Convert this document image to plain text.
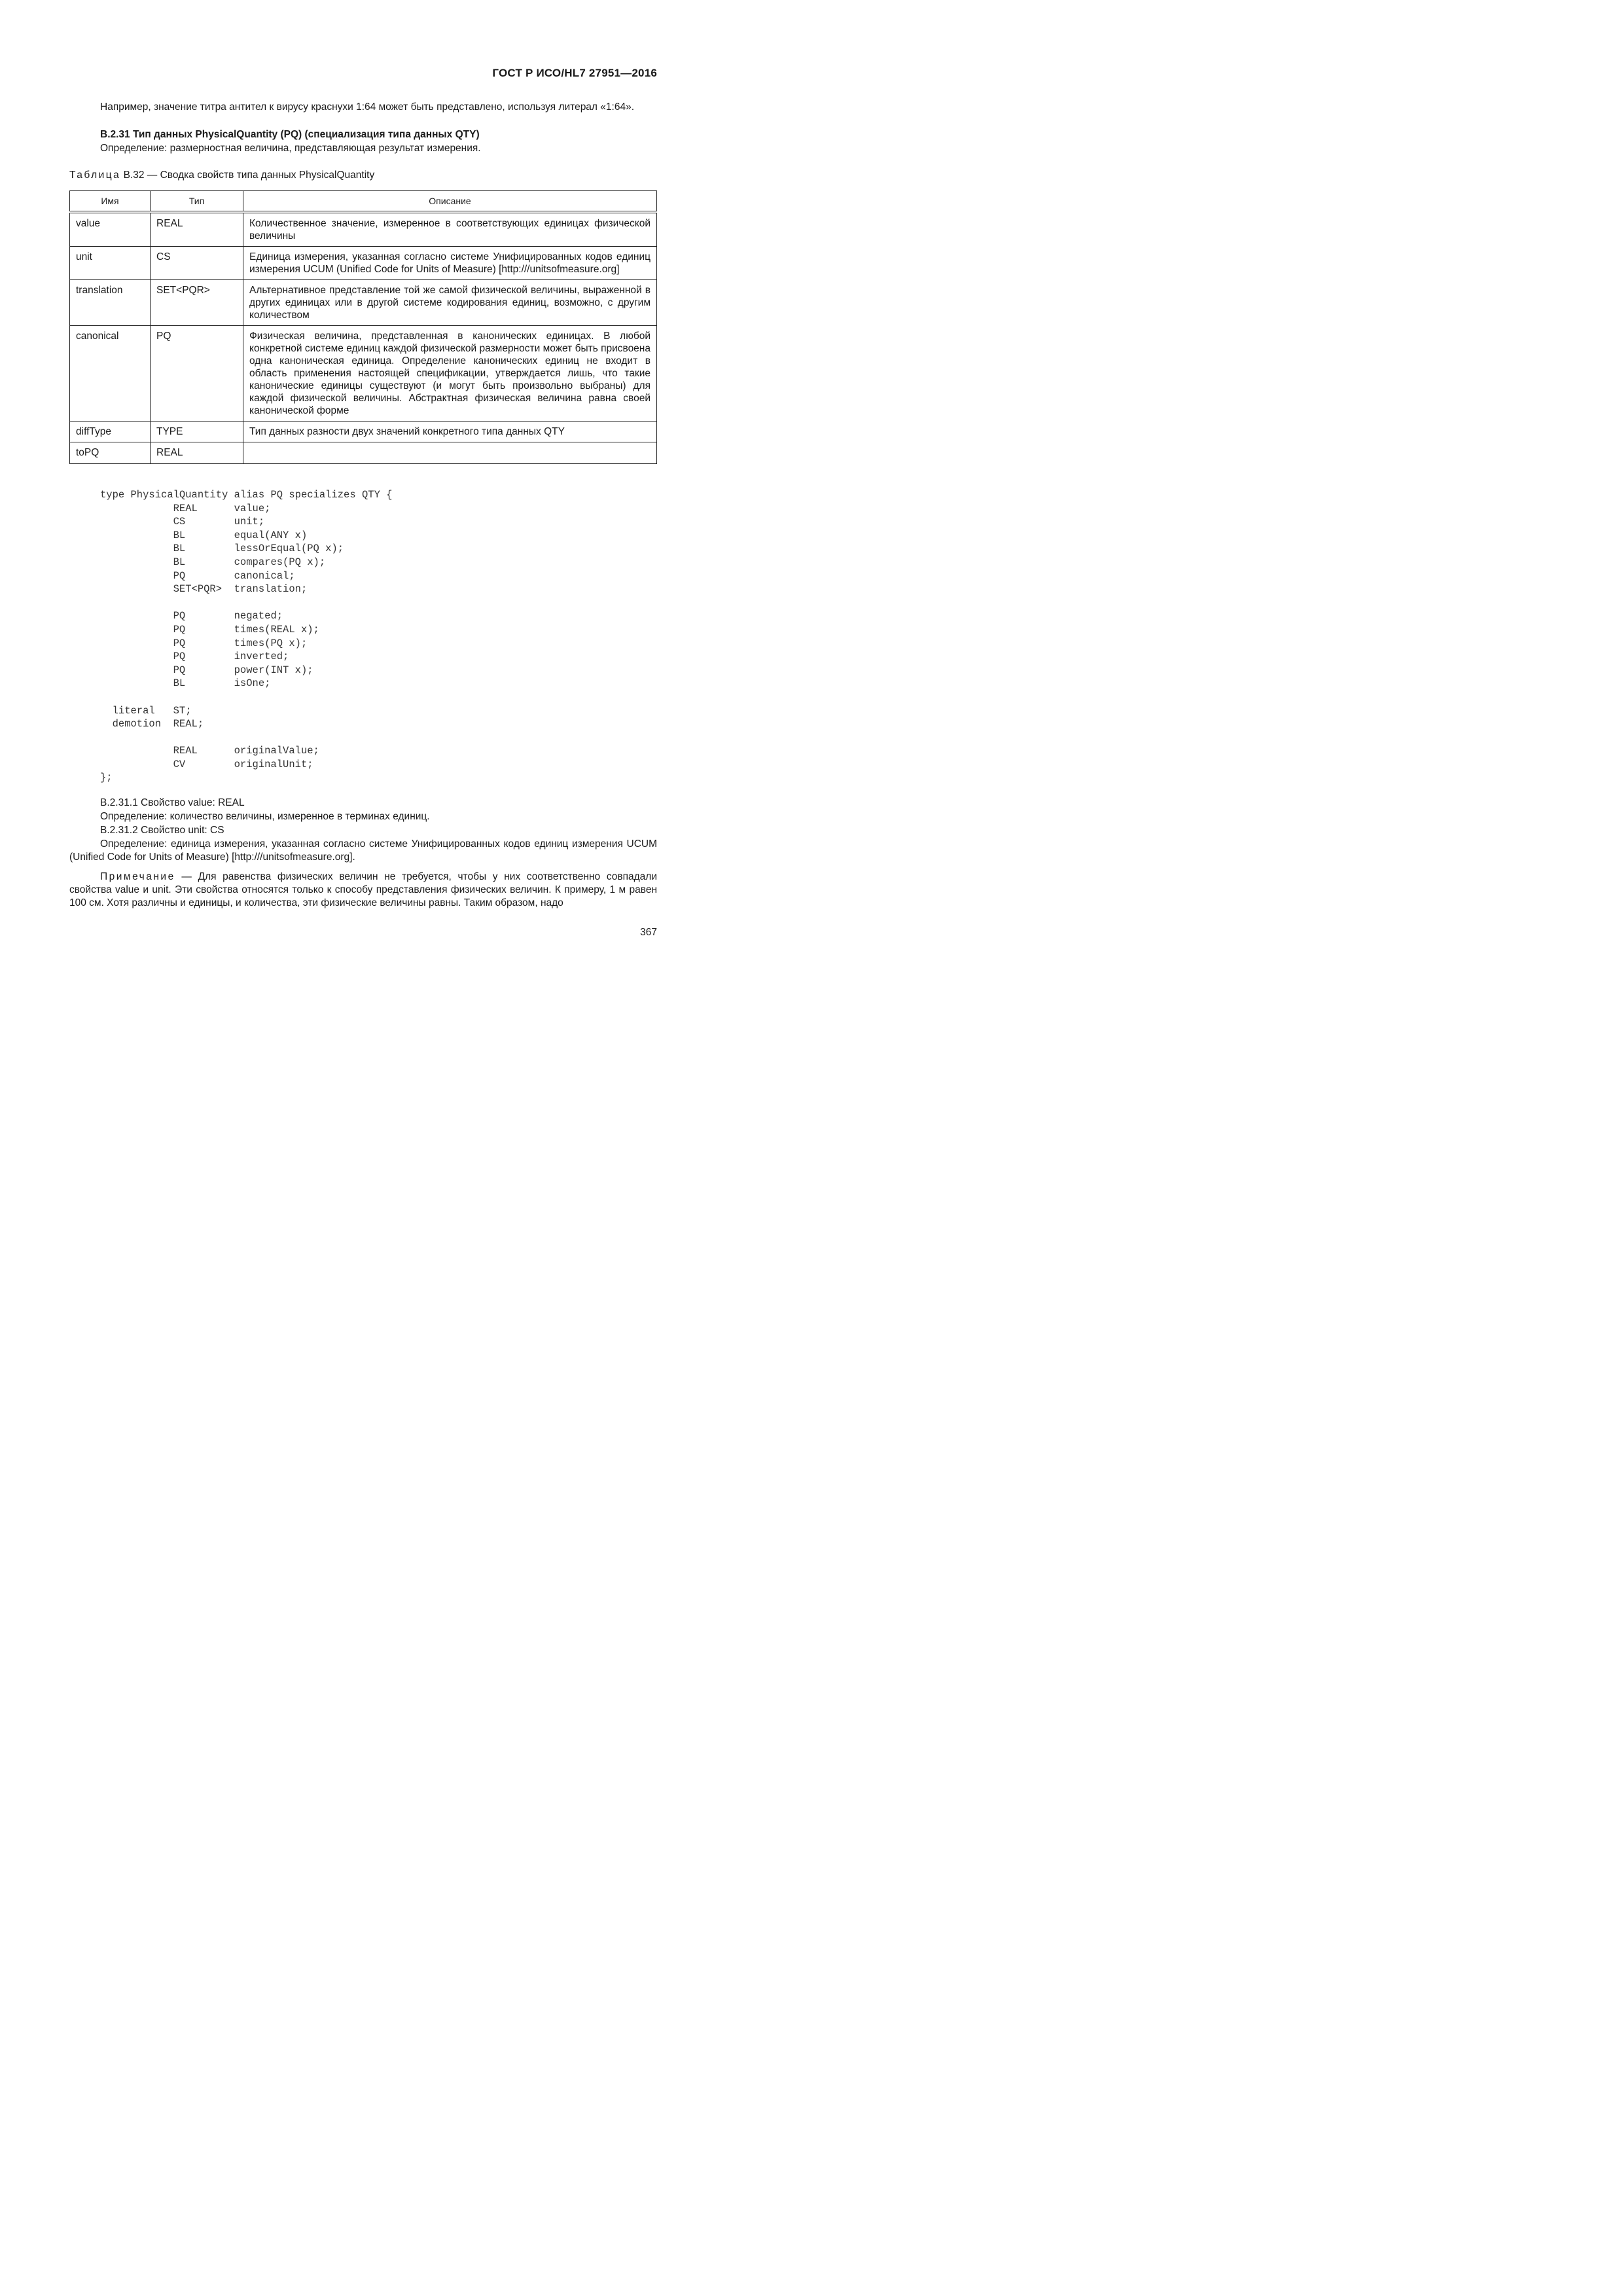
ГОСТ Р ИСО/HL7 27951—2016
Например, значение титра антител к вирусу краснухи 1:64 может быть представлено, используя литерал «1:64».
B.2.31 Тип данных PhysicalQuantity (PQ) (специализация типа данных QTY)
Определение: размерностная величина, представляющая результат измерения.
Таблица B.32 — Сводка свойств типа данных PhysicalQuantity
Имя	Тип	Описание
value	REAL	Количественное значение, измеренное в соответствующих единицах физической величины
unit	CS	Единица измерения, указанная согласно системе Унифицированных кодов единиц измерения UCUM (Unified Code for Units of Measure) [http:///unitsofmeasure.org]
translation	SET<PQR>	Альтернативное представление той же самой физической величины, выраженной в других единицах или в другой системе кодирования единиц, возможно, с другим количеством
canonical	PQ	Физическая величина, представленная в канонических единицах. В любой конкретной системе единиц каждой физической размерности может быть присвоена одна каноническая единица. Определение канонических единиц не входит в область применения настоящей спецификации, утверждается лишь, что такие канонические единицы существуют (и могут быть произвольно выбраны) для каждой физической величины. Абстрактная физическая величина равна своей канонической форме
diffType	TYPE	Тип данных разности двух значений конкретного типа данных QTY
toPQ	REAL	
type PhysicalQuantity alias PQ specializes QTY {
REAL      value;
CS        unit;
BL        equal(ANY x)
BL        lessOrEqual(PQ x);
BL        compares(PQ x);
PQ        canonical;
SET<PQR>  translation;
PQ        negated;
PQ        times(REAL x);
PQ        times(PQ x);
PQ        inverted;
PQ        power(INT x);
BL        isOne;
literal   ST;
demotion  REAL;
REAL      originalValue;
CV        originalUnit;
};
B.2.31.1 Свойство value: REAL
Определение: количество величины, измеренное в терминах единиц.
B.2.31.2 Свойство unit: CS
Определение: единица измерения, указанная согласно системе Унифицированных кодов единиц измерения UCUM (Unified Code for Units of Measure) [http:///unitsofmeasure.org].
Примечание — Для равенства физических величин не требуется, чтобы у них соответственно совпадали свойства value и unit. Эти свойства относятся только к способу представления физических величин. К примеру, 1 м равен 100 см. Хотя различны и единицы, и количества, эти физические величины равны. Таким образом, надо
367
